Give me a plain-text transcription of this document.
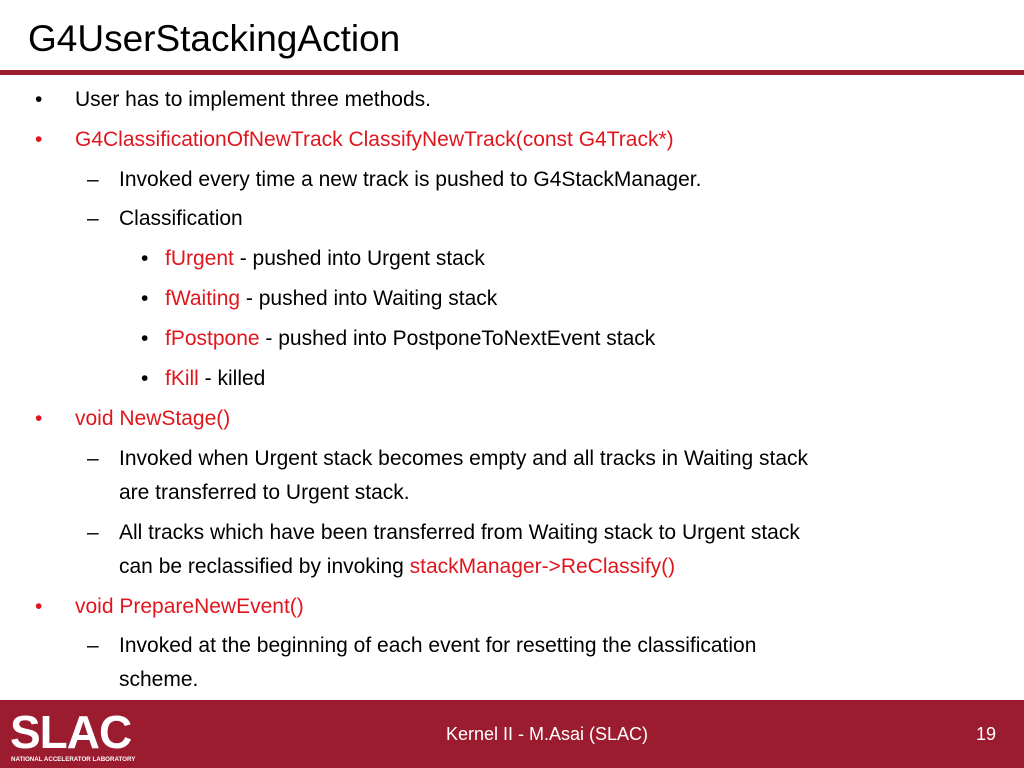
G4UserStackingAction
• User has to implement three methods.
• G4ClassificationOfNewTrack ClassifyNewTrack(const G4Track*)
– Invoked every time a new track is pushed to G4StackManager.
– Classification
• fUrgent - pushed into Urgent stack
• fWaiting - pushed into Waiting stack
• fPostpone - pushed into PostponeToNextEvent stack
• fKill - killed
• void NewStage()
– Invoked when Urgent stack becomes empty and all tracks in Waiting stack
are transferred to Urgent stack.
– All tracks which have been transferred from Waiting stack to Urgent stack
can be reclassified by invoking stackManager->ReClassify()
• void PrepareNewEvent()
– Invoked at the beginning of each event for resetting the classification
scheme.
SLAC
NATIONAL ACCELERATOR LABORATORY
Kernel II - M.Asai (SLAC)	19
